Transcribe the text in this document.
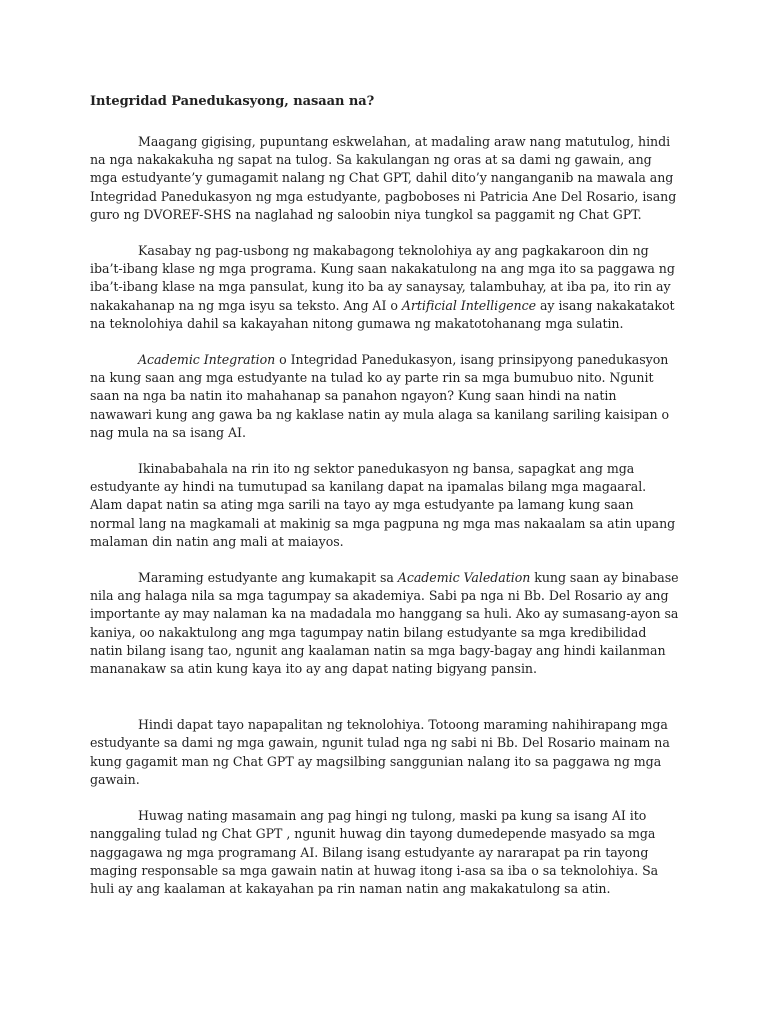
Integridad Panedukasyong, nasaan na?

Maagang gigising, pupuntang eskwelahan, at madaling araw nang matutulog, hindi na nga nakakakuha ng sapat na tulog. Sa kakulangan ng oras at sa dami ng gawain, ang mga estudyante’y gumagamit nalang ng Chat GPT, dahil dito’y nanganganib na mawala ang Integridad Panedukasyon ng mga estudyante, pagboboses ni Patricia Ane Del Rosario, isang guro ng DVOREF-SHS na naglahad ng saloobin niya tungkol sa paggamit ng Chat GPT.

Kasabay ng pag-usbong ng makabagong teknolohiya ay ang pagkakaroon din ng iba’t-ibang klase ng mga programa. Kung saan nakakatulong na ang mga ito sa paggawa ng iba’t-ibang klase na mga pansulat, kung ito ba ay sanaysay, talambuhay, at iba pa, ito rin ay nakakahanap na ng mga isyu sa teksto. Ang AI o Artificial Intelligence ay isang nakakatakot na teknolohiya dahil sa kakayahan nitong gumawa ng makatotohanang mga sulatin.

Academic Integration o Integridad Panedukasyon, isang prinsipyong panedukasyon na kung saan ang mga estudyante na tulad ko ay parte rin sa mga bumubuo nito. Ngunit saan na nga ba natin ito mahahanap sa panahon ngayon? Kung saan hindi na natin nawawari kung ang gawa ba ng kaklase natin ay mula alaga sa kanilang sariling kaisipan o nag mula na sa isang AI.

Ikinababahala na rin ito ng sektor panedukasyon ng bansa, sapagkat ang mga estudyante ay hindi na tumutupad sa kanilang dapat na ipamalas bilang mga magaaral. Alam dapat natin sa ating mga sarili na tayo ay mga estudyante pa lamang kung saan normal lang na magkamali at makinig sa mga pagpuna ng mga mas nakaalam sa atin upang malaman din natin ang mali at maiayos.

Maraming estudyante ang kumakapit sa Academic Valedation kung saan ay binabase nila ang halaga nila sa mga tagumpay sa akademiya. Sabi pa nga ni Bb. Del Rosario ay ang importante ay may nalaman ka na madadala mo hanggang sa huli. Ako ay sumasang-ayon sa kaniya, oo nakaktulong ang mga tagumpay natin bilang estudyante sa mga kredibilidad natin bilang isang tao, ngunit ang kaalaman natin sa mga bagy-bagay ang hindi kailanman mananakaw sa atin kung kaya ito ay ang dapat nating bigyang pansin.

Hindi dapat tayo napapalitan ng teknolohiya. Totoong maraming nahihirapang mga estudyante sa dami ng mga gawain, ngunit tulad nga ng sabi ni Bb. Del Rosario mainam na kung gagamit man ng Chat GPT ay magsilbing sanggunian nalang ito sa paggawa ng mga gawain.

Huwag nating masamain ang pag hingi ng tulong, maski pa kung sa isang AI ito nanggaling tulad ng Chat GPT , ngunit huwag din tayong dumedepende masyado sa mga naggagawa ng mga programang AI. Bilang isang estudyante ay nararapat pa rin tayong maging responsable sa mga gawain natin at huwag itong i-asa sa iba o sa teknolohiya. Sa huli ay ang kaalaman at kakayahan pa rin naman natin ang makakatulong sa atin.
